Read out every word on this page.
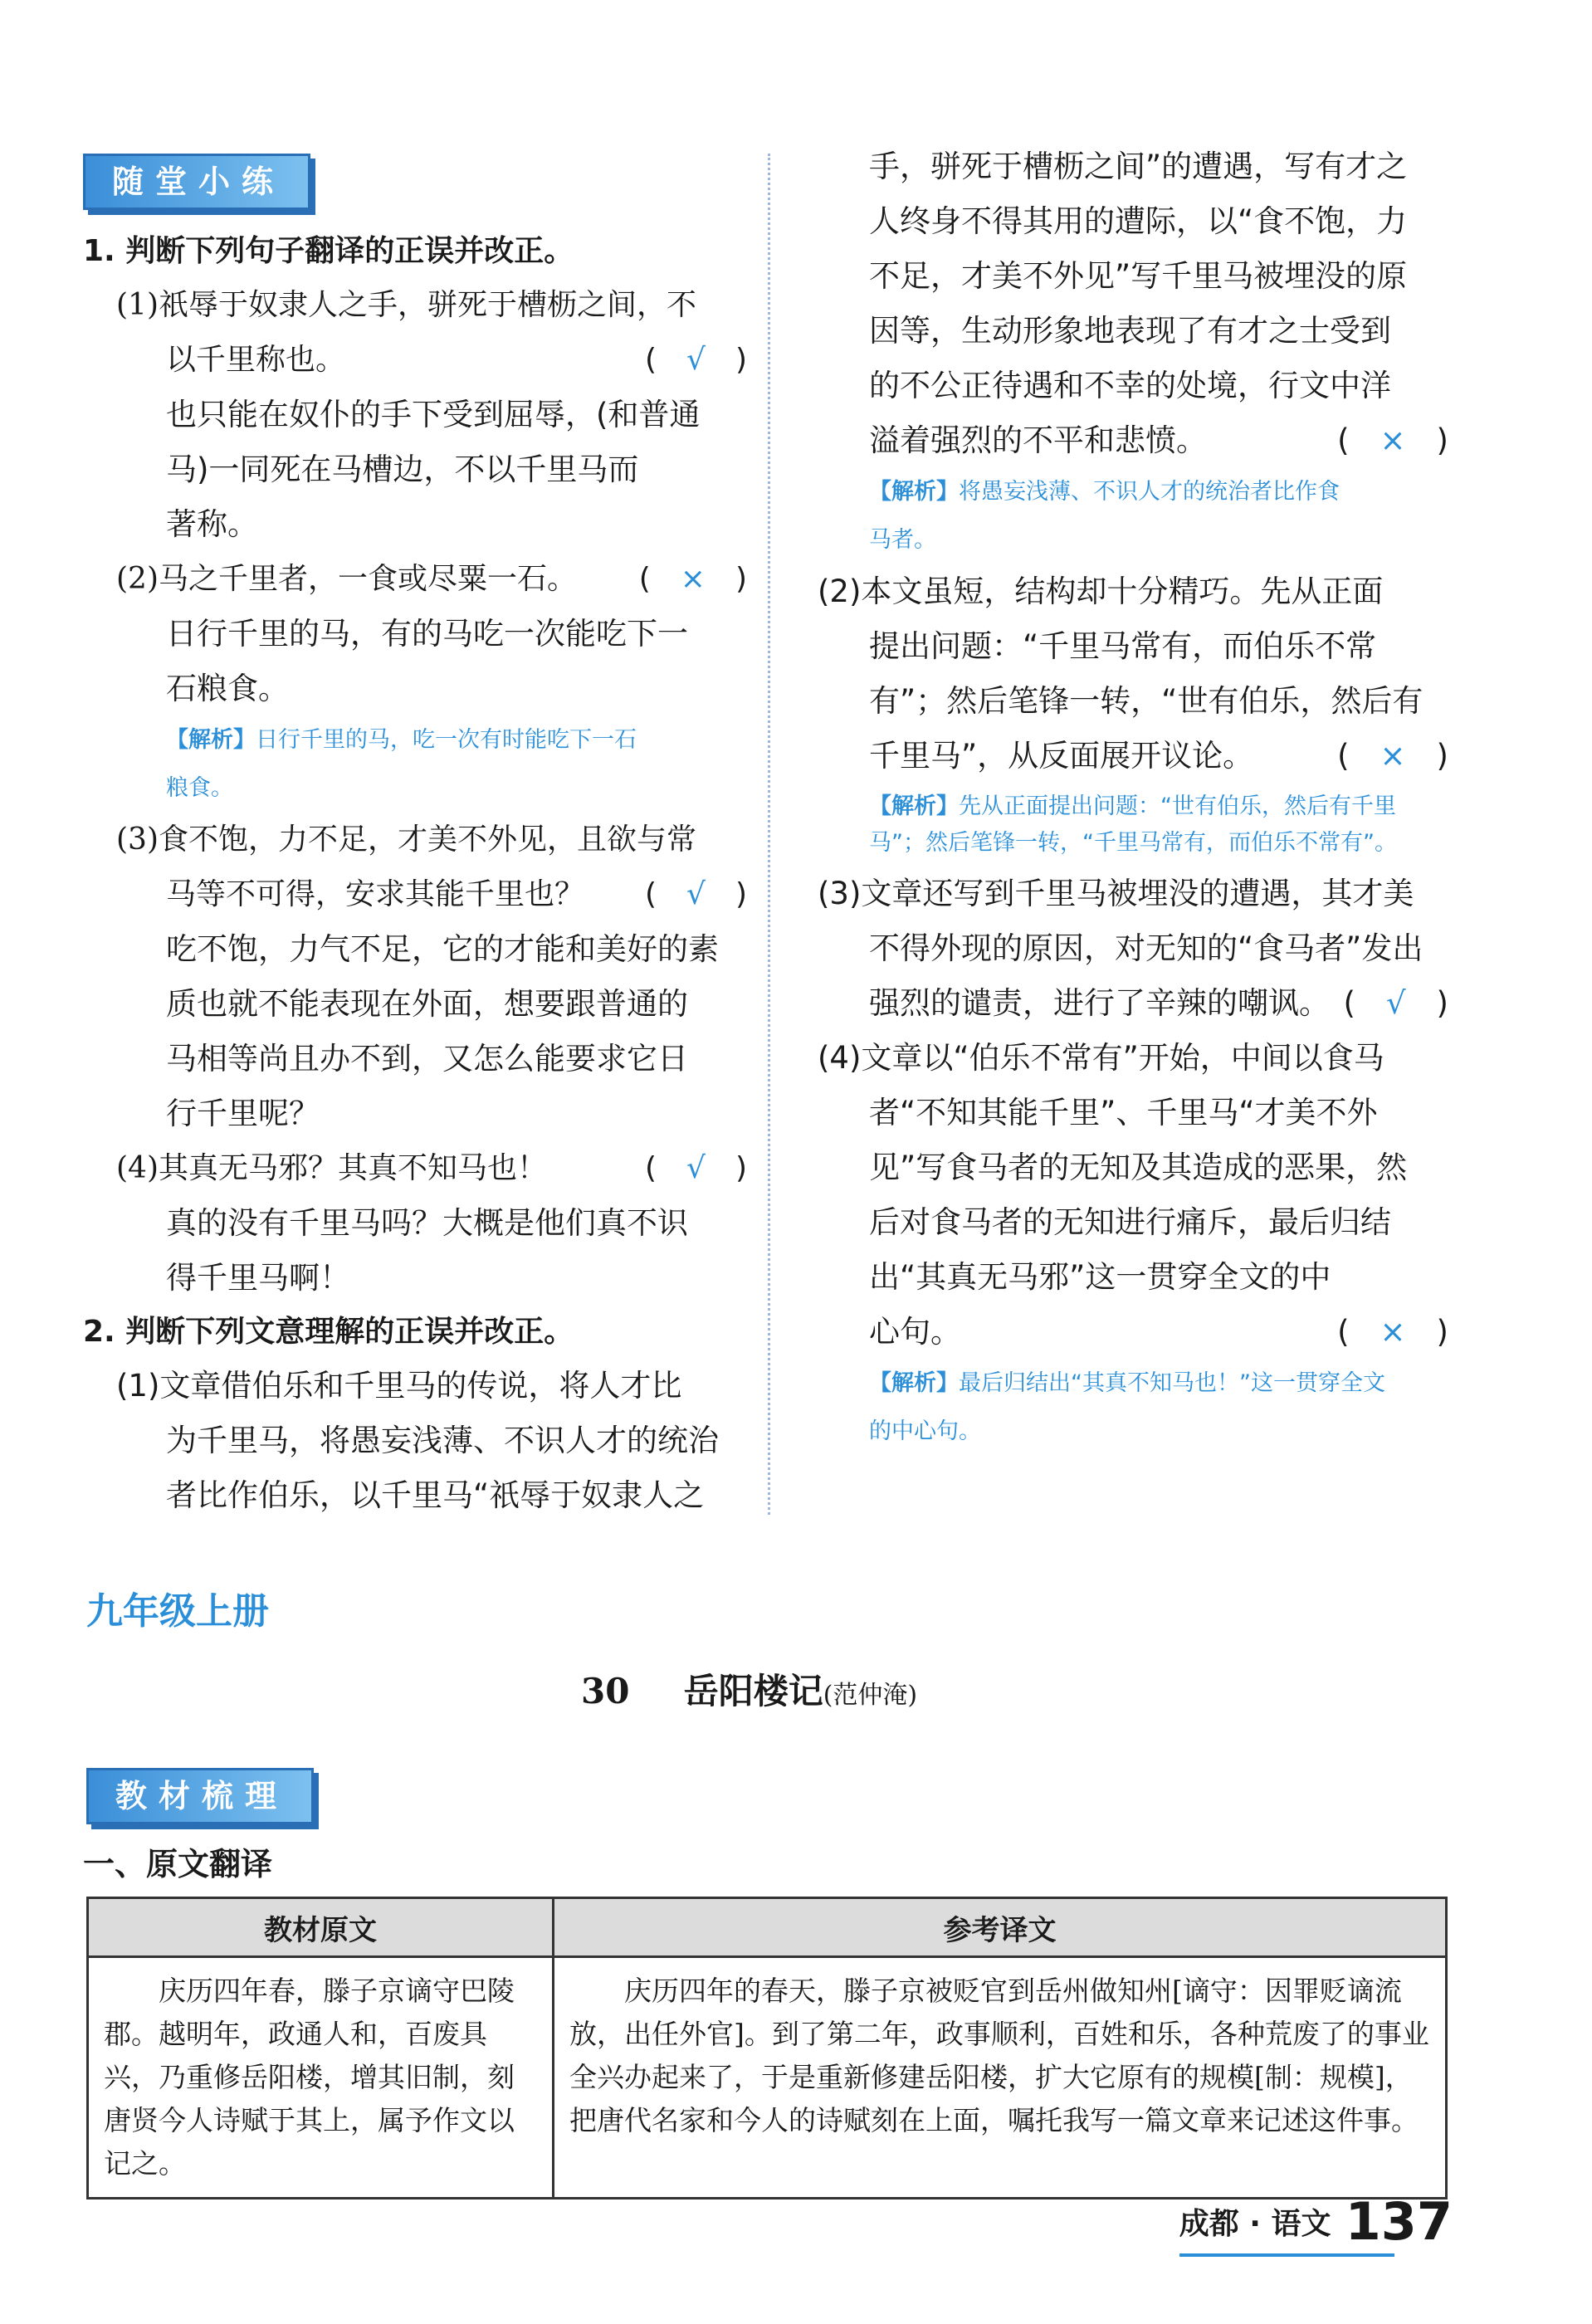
随堂小练
1. 判断下列句子翻译的正误并改正。
(1)祇辱于奴隶人之手，骈死于槽枥之间，不
以千里称也。	(　√　)
也只能在奴仆的手下受到屈辱，(和普通
马)一同死在马槽边，不以千里马而
著称。
(2)马之千里者，一食或尽粟一石。 (　×　)
日行千里的马，有的马吃一次能吃下一
石粮食。
【解析】日行千里的马，吃一次有时能吃下一石
粮食。
(3)食不饱，力不足，才美不外见，且欲与常
马等不可得，安求其能千里也？ (　√　)
吃不饱，力气不足，它的才能和美好的素
质也就不能表现在外面，想要跟普通的
马相等尚且办不到，又怎么能要求它日
行千里呢？
(4)其真无马邪？其真不知马也！	(　√　)
真的没有千里马吗？大概是他们真不识
得千里马啊！
2. 判断下列文意理解的正误并改正。
(1)文章借伯乐和千里马的传说，将人才比
为千里马，将愚妄浅薄、不识人才的统治
者比作伯乐，以千里马“祇辱于奴隶人之
手，骈死于槽枥之间”的遭遇，写有才之
人终身不得其用的遭际，以“食不饱，力
不足，才美不外见”写千里马被埋没的原
因等，生动形象地表现了有才之士受到
的不公正待遇和不幸的处境，行文中洋
溢着强烈的不平和悲愤。	(　×　)
【解析】将愚妄浅薄、不识人才的统治者比作食
马者。
(2)本文虽短，结构却十分精巧。先从正面
提出问题：“千里马常有，而伯乐不常
有”；然后笔锋一转，“世有伯乐，然后有
千里马”，从反面展开议论。	(　×　)
【解析】先从正面提出问题：“世有伯乐，然后有千里
马”；然后笔锋一转，“千里马常有，而伯乐不常有”。
(3)文章还写到千里马被埋没的遭遇，其才美
不得外现的原因，对无知的“食马者”发出
强烈的谴责，进行了辛辣的嘲讽。 (　√　)
(4)文章以“伯乐不常有”开始，中间以食马
者“不知其能千里”、千里马“才美不外
见”写食马者的无知及其造成的恶果，然
后对食马者的无知进行痛斥，最后归结
出“其真无马邪”这一贯穿全文的中
心句。	(　×　)
【解析】最后归结出“其真不知马也！”这一贯穿全文
的中心句。
九年级上册
30 岳阳楼记(范仲淹)
教材梳理
一、原文翻译
教材原文	参考译文

庆历四年春，滕子京谪守巴陵郡。越明年，政通人和，百废具兴，乃重修岳阳楼，增其旧制，刻唐贤今人诗赋于其上，属予作文以记之。	庆历四年的春天，滕子京被贬官到岳州做知州[谪守：因罪贬谪流放，出任外官]。到了第二年，政事顺利，百姓和乐，各种荒废了的事业全兴办起来了，于是重新修建岳阳楼，扩大它原有的规模[制：规模]，把唐代名家和今人的诗赋刻在上面，嘱托我写一篇文章来记述这件事。
成都 · 语文 137
